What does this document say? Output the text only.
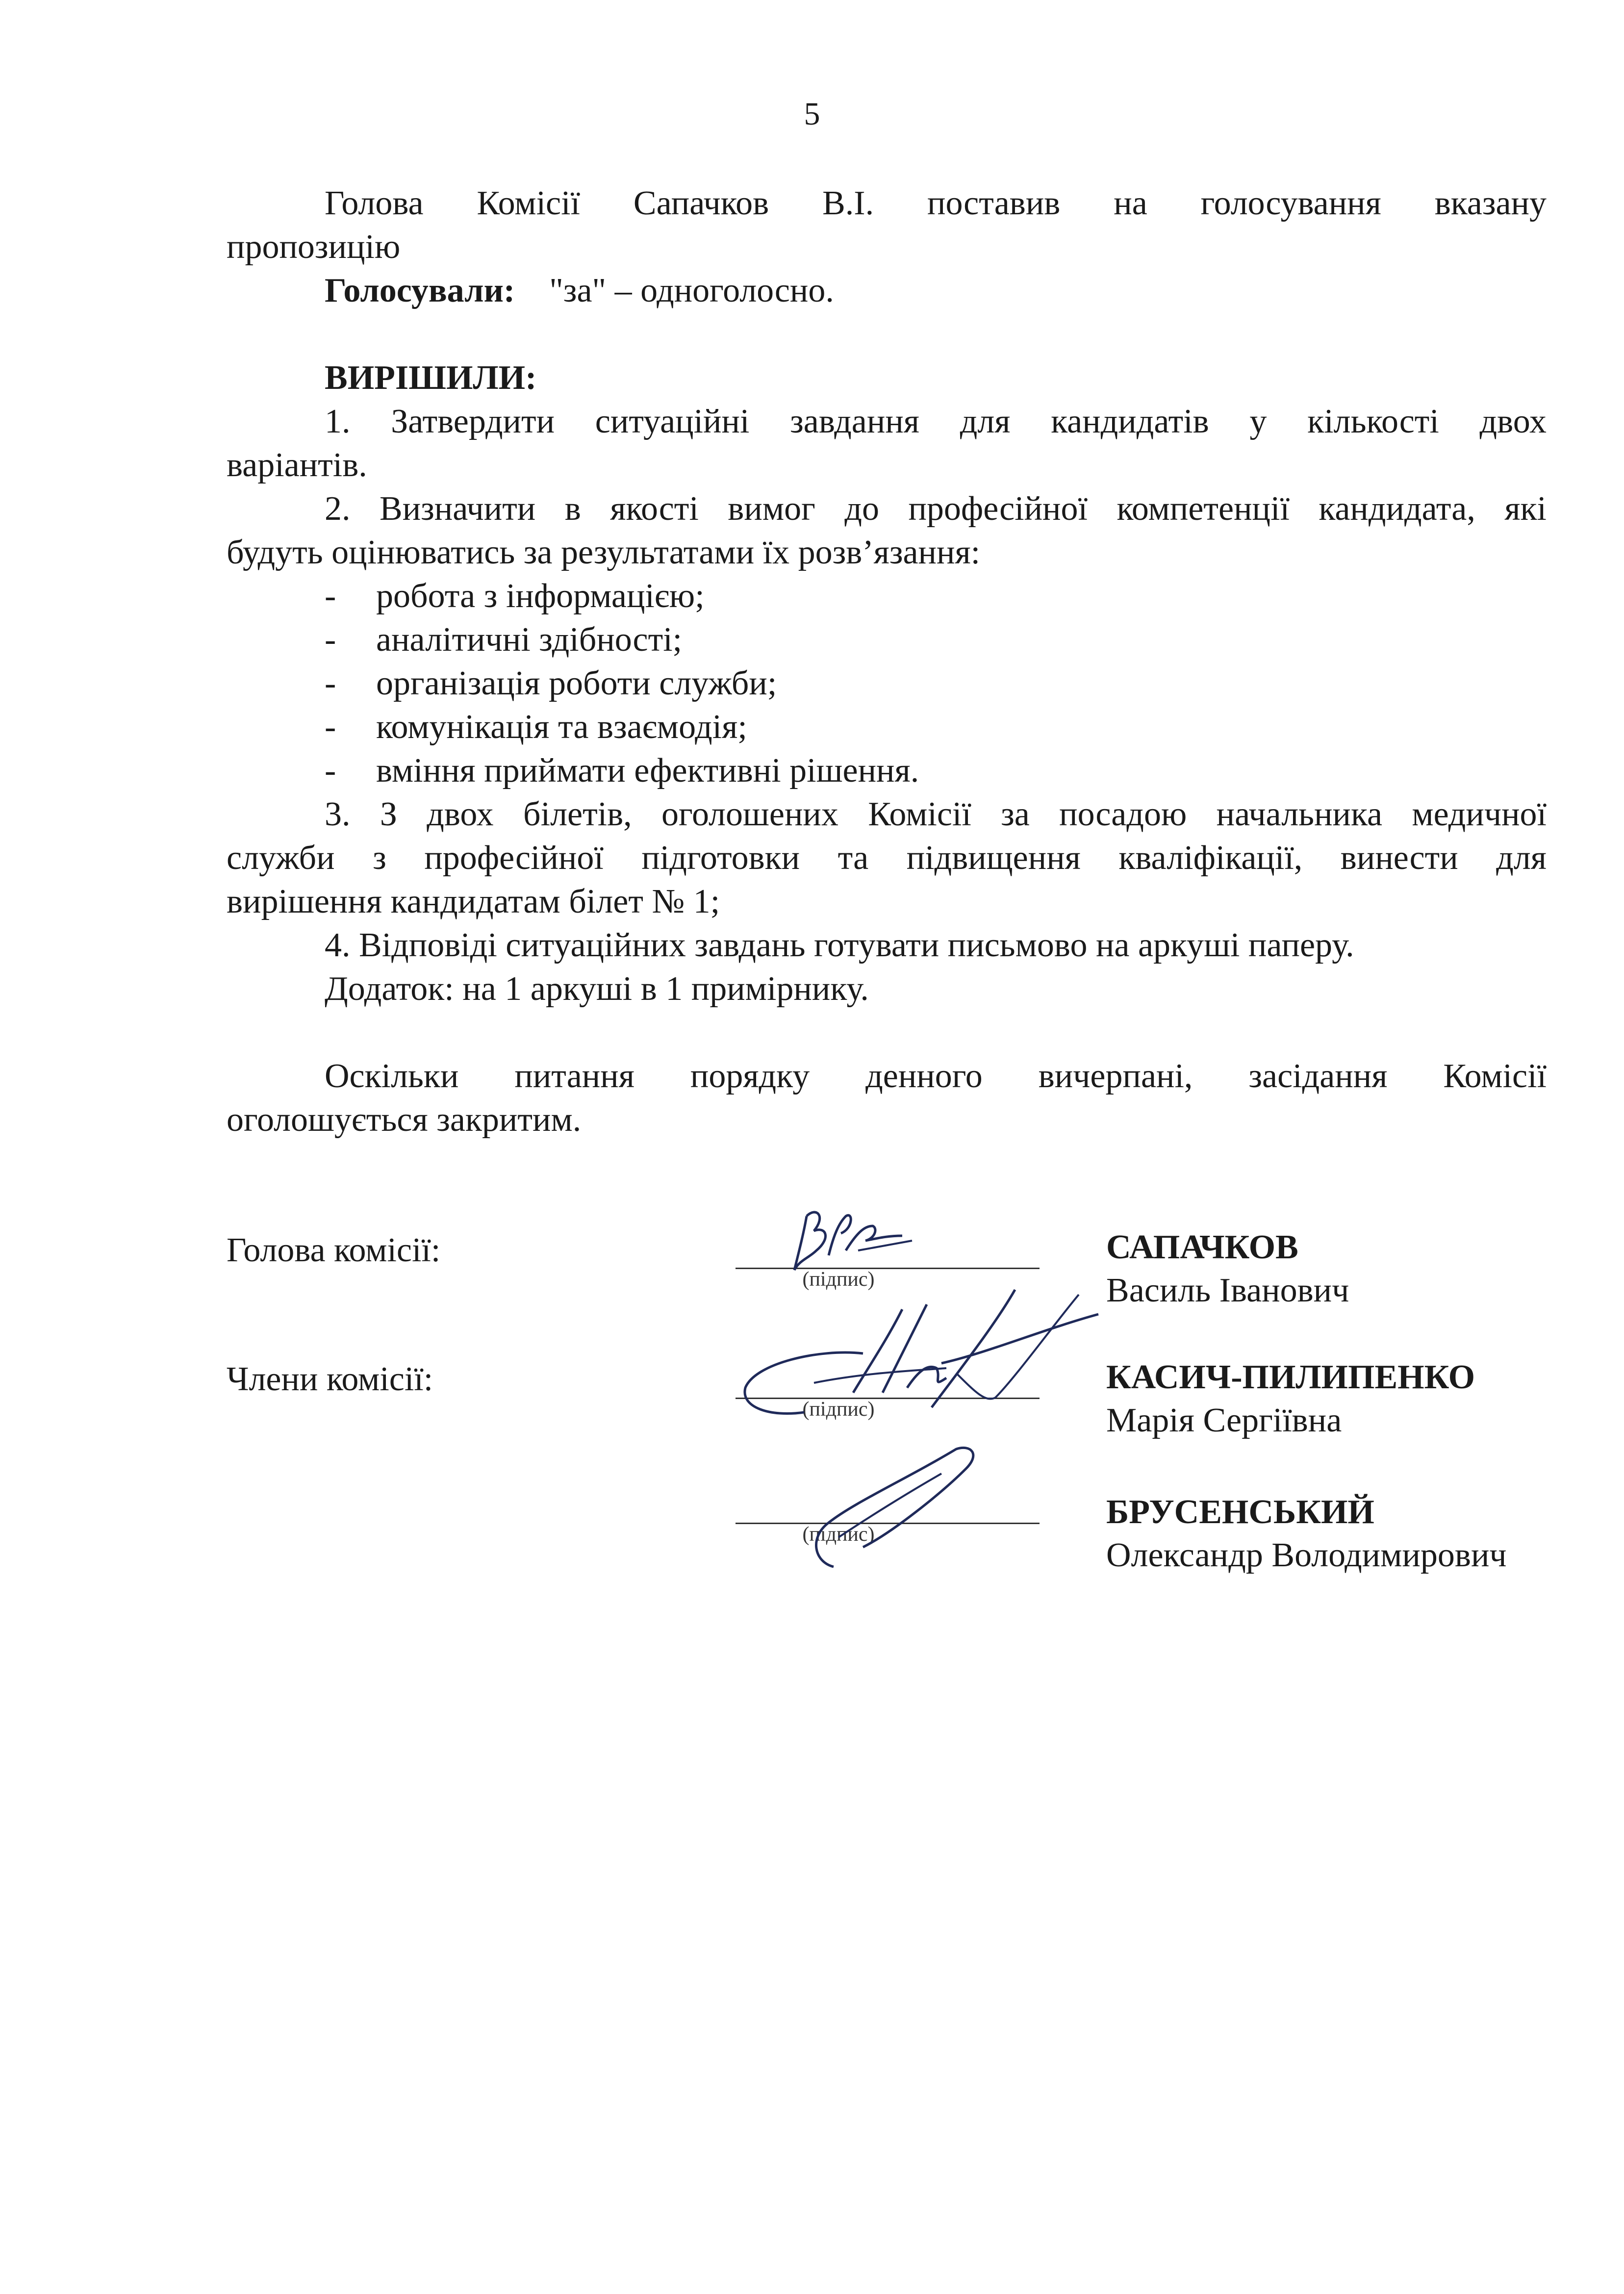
5
Голова Комісії Сапачков В.І. поставив на голосування вказану
пропозицію
Голосували: "за" – одноголосно.
ВИРІШИЛИ:
1. Затвердити ситуаційні завдання для кандидатів у кількості двох
варіантів.
2. Визначити в якості вимог до професійної компетенції кандидата, які
будуть оцінюватись за результатами їх розв’язання:
- робота з інформацією;
- аналітичні здібності;
- організація роботи служби;
- комунікація та взаємодія;
- вміння приймати ефективні рішення.
3. З двох білетів, оголошених Комісії за посадою начальника медичної
служби з професійної підготовки та підвищення кваліфікації, винести для
вирішення кандидатам білет № 1;
4. Відповіді ситуаційних завдань готувати письмово на аркуші паперу.
Додаток: на 1 аркуші в 1 примірнику.
Оскільки питання порядку денного вичерпані, засідання Комісії
оголошується закритим.
Голова комісії:
(підпис)
САПАЧКОВ
Василь Іванович
Члени комісії:
(підпис)
КАСИЧ-ПИЛИПЕНКО
Марія Сергіївна
(підпис)
БРУСЕНСЬКИЙ
Олександр Володимирович
